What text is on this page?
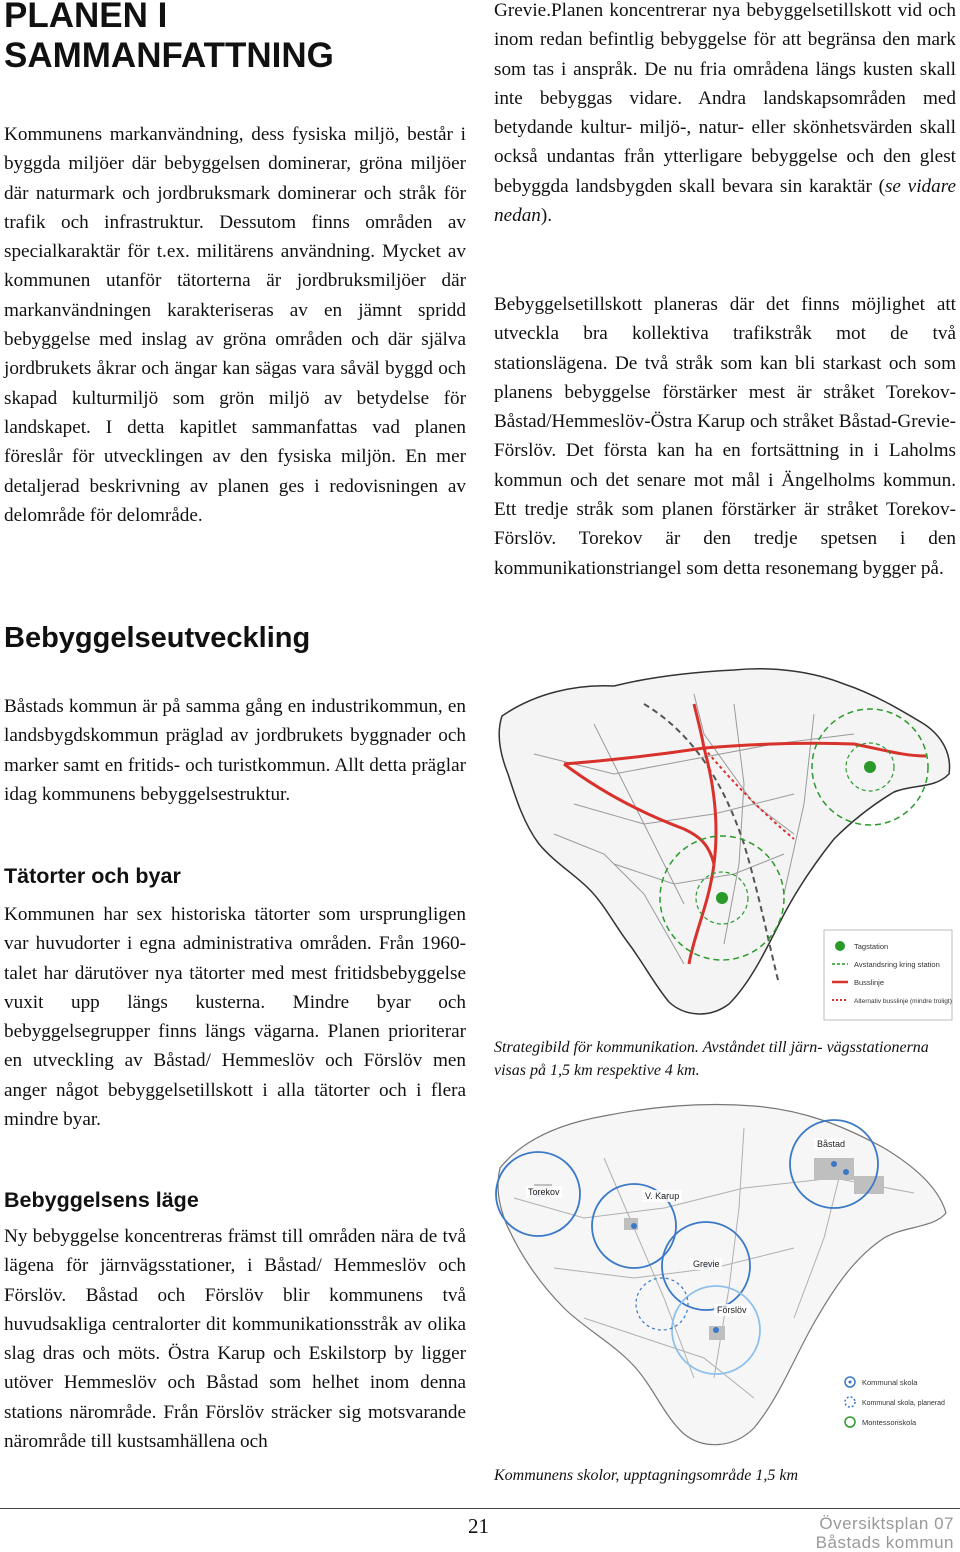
PLANEN I SAMMANFATTNING

Kommunens markanvändning, dess fysiska miljö, består i byggda miljöer där bebyggelsen dominerar, gröna miljöer där naturmark och jordbruksmark dominerar och stråk för trafik och infrastruktur. Dessutom finns områden av specialkaraktär för t.ex. militärens användning. Mycket av kommunen utanför tätorterna är jordbruksmiljöer där markanvändningen karakteriseras av en jämnt spridd bebyggelse med inslag av gröna områden och där själva jordbrukets åkrar och ängar kan sägas vara såväl byggd och skapad kulturmiljö som grön miljö av betydelse för landskapet. I detta kapitlet sammanfattas vad planen föreslår för utvecklingen av den fysiska miljön. En mer detaljerad beskrivning av planen ges i redovisningen av delområde för delområde.

Bebyggelseutveckling

Båstads kommun är på samma gång en industrikommun, en landsbygdskommun präglad av jordbrukets byggnader och marker samt en fritids- och turistkommun. Allt detta präglar idag kommunens bebyggelsestruktur.

Tätorter och byar

Kommunen har sex historiska tätorter som ursprungligen var huvudorter i egna administrativa områden. Från 1960-talet har därutöver nya tätorter med mest fritidsbebyggelse vuxit upp längs kusterna. Mindre byar och bebyggelsegrupper finns längs vägarna. Planen prioriterar en utveckling av Båstad/ Hemmeslöv och Förslöv men anger något bebyggelsetillskott i alla tätorter och i flera mindre byar.

Bebyggelsens läge

Ny bebyggelse koncentreras främst till områden nära de två lägena för järnvägsstationer, i Båstad/ Hemmeslöv och Förslöv. Båstad och Förslöv blir kommunens två huvudsakliga centralorter dit kommunikationsstråk av olika slag dras och möts. Östra Karup och Eskilstorp by ligger utöver Hemmeslöv och Båstad som helhet inom denna stations närområde. Från Förslöv sträcker sig motsvarande närområde till kustsamhällena och

Grevie.Planen koncentrerar nya bebyggelsetillskott vid och inom redan befintlig bebyggelse för att begränsa den mark som tas i anspråk. De nu fria områdena längs kusten skall inte bebyggas vidare. Andra landskapsområden med betydande kultur- miljö-, natur- eller skönhetsvärden skall också undantas från ytterligare bebyggelse och den glest bebyggda landsbygden skall bevara sin karaktär (se vidare nedan).

Bebyggelsetillskott planeras där det finns möjlighet att utveckla bra kollektiva trafikstråk mot de två stationslägena. De två stråk som kan bli starkast och som planens bebyggelse förstärker mest är stråket Torekov-Båstad/Hemmeslöv-Östra Karup och stråket Båstad-Grevie-Förslöv. Det första kan ha en fortsättning in i Laholms kommun och det senare mot mål i Ängelholms kommun. Ett tredje stråk som planen förstärker är stråket Torekov- Förslöv. Torekov är den tredje spetsen i den kommunikationstriangel som detta resonemang bygger på.

Tagstation
Avstandsring kring station
Busslinje
Alternativ busslinje (mindre troligt)
Strategibild för kommunikation. Avståndet till järn- vägsstationerna visas på 1,5 km respektive 4 km.
Torekov
Båstad
V. Karup
Grevie
Förslöv
Kommunal skola
Kommunal skola, planerad
Montessoriskola
Kommunens skolor, upptagningsområde 1,5 km
21	Översiktsplan 07
Båstads kommun
